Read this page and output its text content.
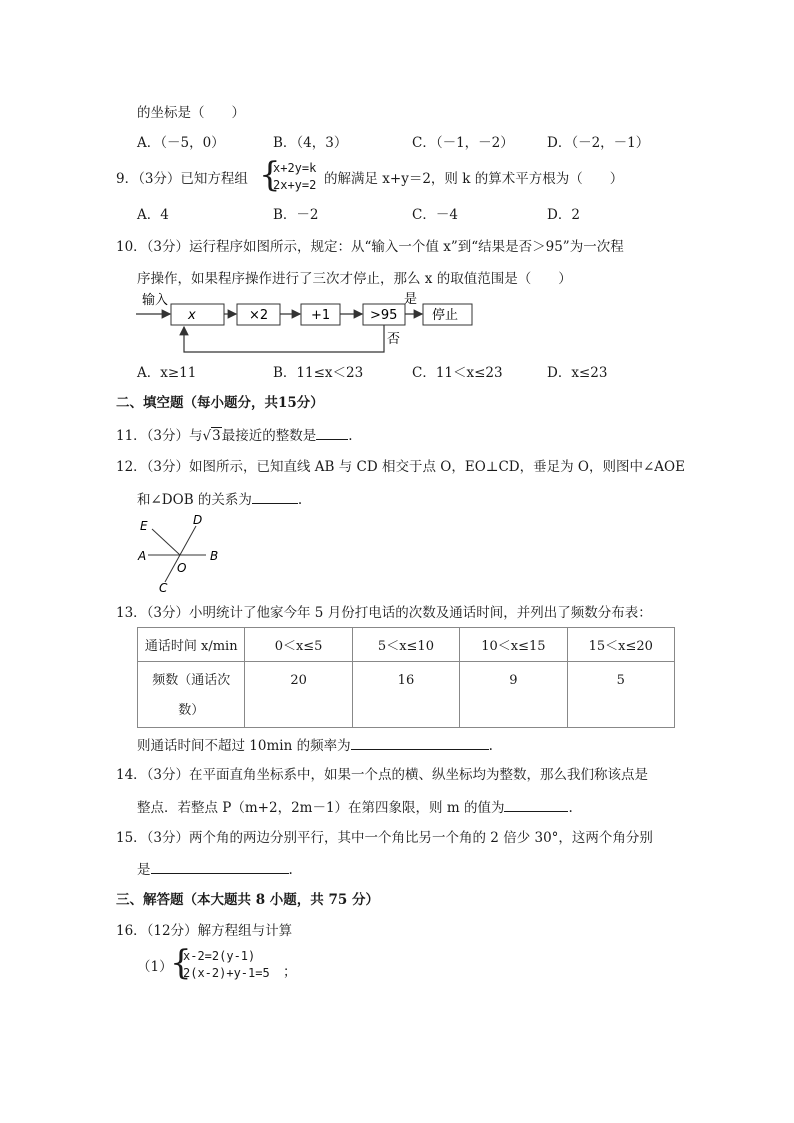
的坐标是（　　）
A．（－5，0）	B．（4，3）	C．（－1，－2） D．（－2，－1）
9．（3分）已知方程组 {
x+2y=k
2x+y=2 的解满足 x+y＝2，则 k 的算术平方根为（　　）
A．4	B．－2	C．－4	D．2
10．（3分）运行程序如图所示，规定：从“输入一个值 x”到“结果是否＞95”为一次程
序操作，如果程序操作进行了三次才停止，那么 x 的取值范围是（　　）
输入
x	×2	+1	>95
是
停止
否
A．x≥11	B．11≤x＜23	C．11＜x≤23	D．x≤23
二、填空题（每小题分，共15分）
11．（3分）与√3最接近的整数是 .
12．（3分）如图所示，已知直线 AB 与 CD 相交于点 O，EO⊥CD，垂足为 O，则图中∠AOE
和∠DOB 的关系为	.
E	D
A	B
O
C
13．（3分）小明统计了他家今年 5 月份打电话的次数及通话时间，并列出了频数分布表：
通话时间 x/min	0＜x≤5	5＜x≤10	10＜x≤15	15＜x≤20

频数（通话次
数）	20	16	9	5
则通话时间不超过 10min 的频率为	.
14．（3分）在平面直角坐标系中，如果一个点的横、纵坐标均为整数，那么我们称该点是
整点．若整点 P（m+2，2m－1）在第四象限，则 m 的值为	.
15．（3分）两个角的两边分别平行，其中一个角比另一个角的 2 倍少 30°，这两个角分别
是	.
三、解答题（本大题共 8 小题，共 75 分）
16．（12分）解方程组与计算
（1）
{
x-2=2(y-1)
2(x-2)+y-1=5 ；
